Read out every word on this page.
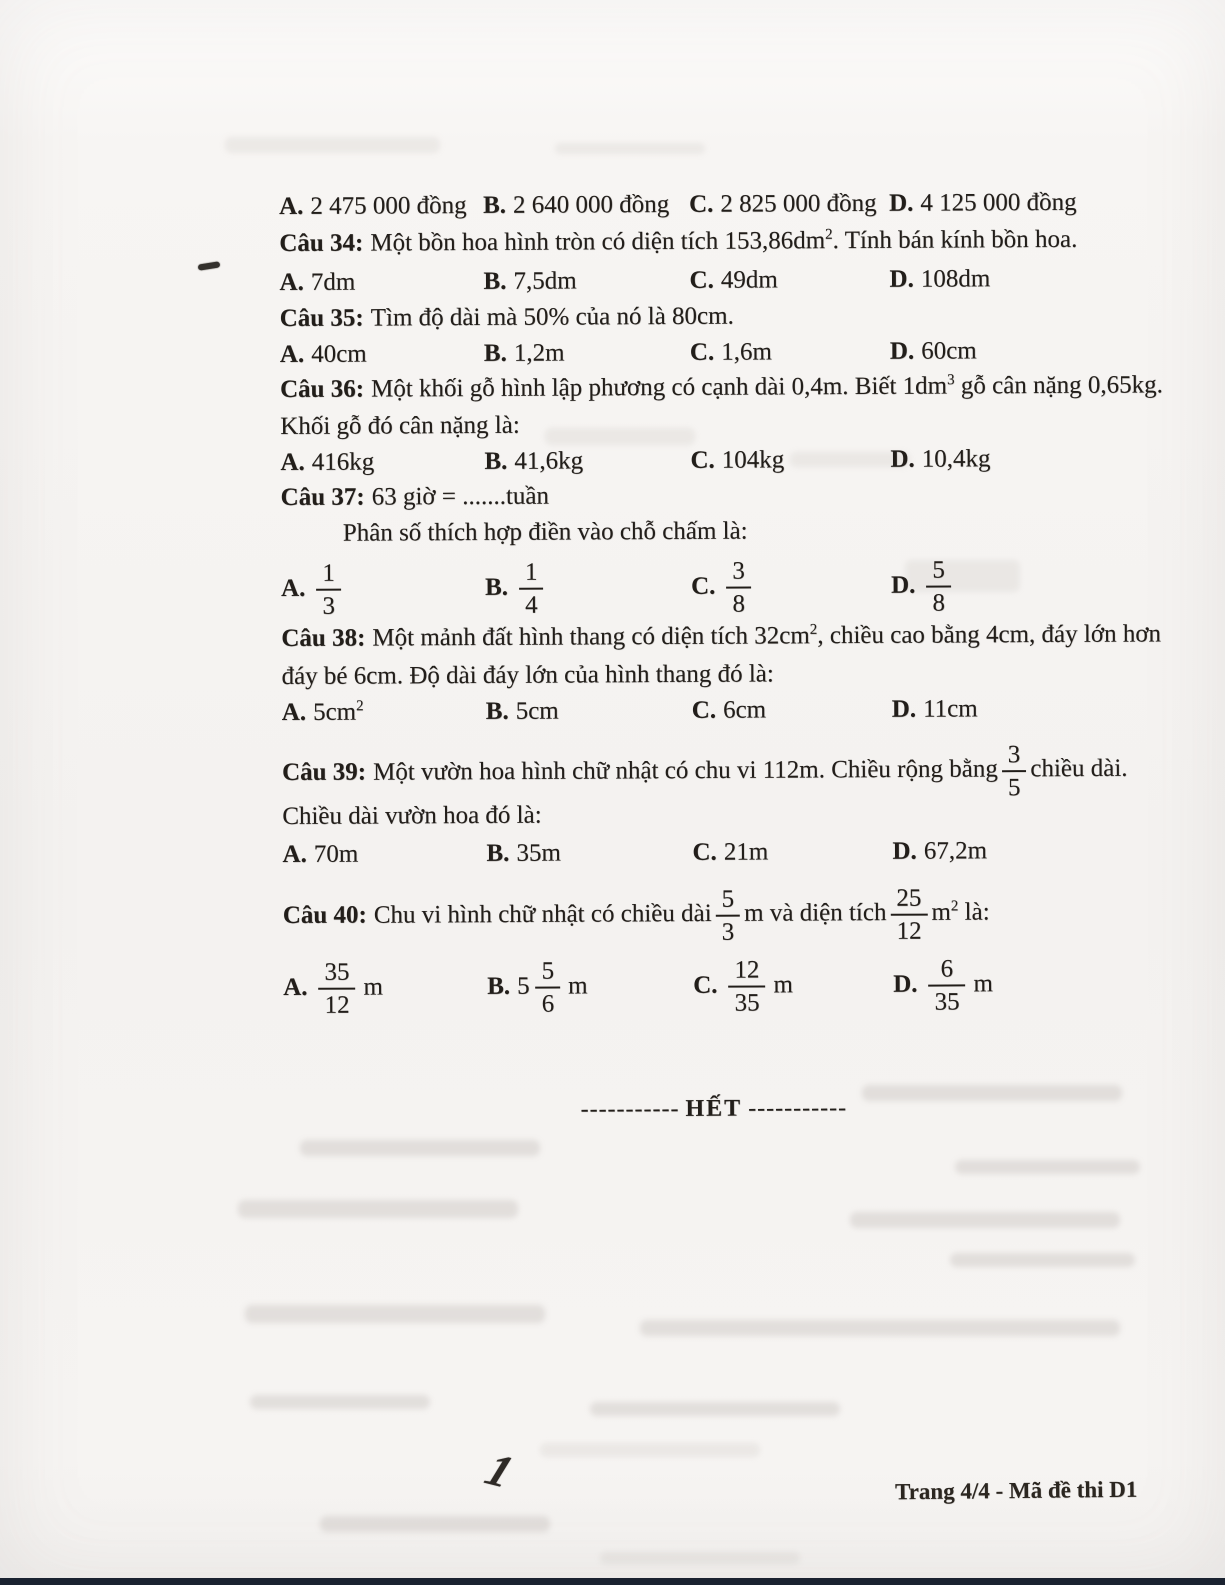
A. 2 475 000 đồng B. 2 640 000 đồng C. 2 825 000 đồng D. 4 125 000 đồng
Câu 34: Một bồn hoa hình tròn có diện tích $153,86dm^2$. Tính bán kính bồn hoa.
A. 7dm	B. 7,5dm	C. 49dm	D. 108dm
Câu 35: Tìm độ dài mà 50% của nó là 80cm.
A. 40cm	B. 1,2m	C. 1,6m	D. 60cm
Câu 36: Một khối gỗ hình lập phương có cạnh dài 0,4m. Biết $1dm^3$ gỗ cân nặng 0,65kg.
Khối gỗ đó cân nặng là:
A. 416kg	B. 41,6kg	C. 104kg	D. 10,4kg
Câu 37: 63 giờ = .......tuần
Phân số thích hợp điền vào chỗ chấm là:
A. $\frac{1}{3}$	B. $\frac{1}{4}$	C. $\frac{3}{8}$	D. $\frac{5}{8}$
Câu 38: Một mảnh đất hình thang có diện tích $32cm^2$, chiều cao bằng 4cm, đáy lớn hơn
đáy bé 6cm. Độ dài đáy lớn của hình thang đó là:
A. $5cm^2$	B. 5cm	C. 6cm	D. 11cm
Câu 39: Một vườn hoa hình chữ nhật có chu vi 112m. Chiều rộng bằng $\frac{3}{5}$ chiều dài.
Chiều dài vườn hoa đó là:
A. 70m	B. 35m	C. 21m	D. 67,2m
Câu 40: Chu vi hình chữ nhật có chiều dài $\frac{5}{3}$ m và diện tích $\frac{25}{12} m^2$ là:
A. $\frac{35}{12}$ m	B. $5 \frac{5}{6}$ m	C. $\frac{12}{35}$ m	D. $\frac{6}{35}$ m
----------- HẾT -----------
1	Trang 4/4 - Mã đề thi D1
